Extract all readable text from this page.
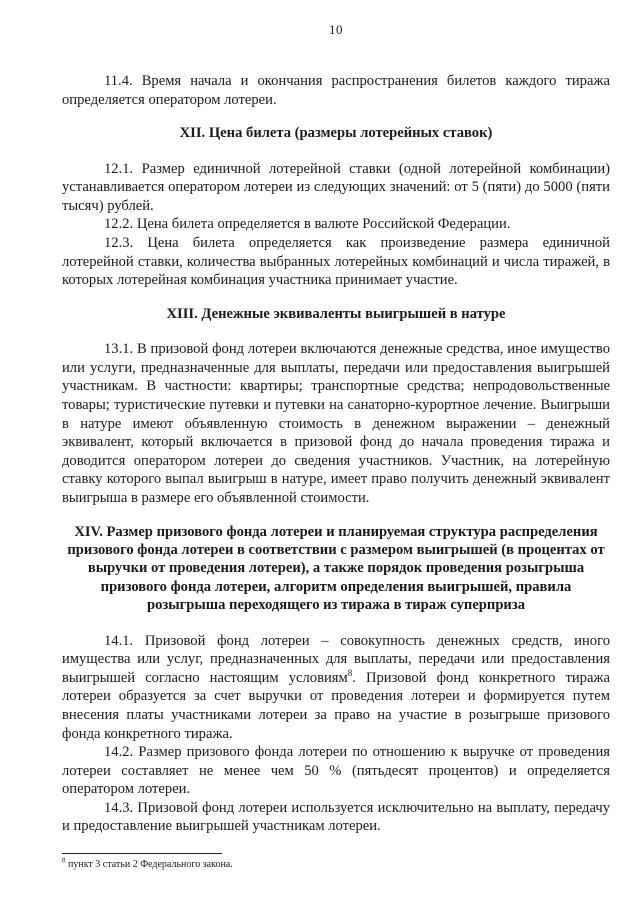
10

11.4. Время начала и окончания распространения билетов каждого тиража определяется оператором лотереи.

XII. Цена билета (размеры лотерейных ставок)

12.1. Размер единичной лотерейной ставки (одной лотерейной комбинации) устанавливается оператором лотереи из следующих значений: от 5 (пяти) до 5000 (пяти тысяч) рублей.

12.2. Цена билета определяется в валюте Российской Федерации.

12.3. Цена билета определяется как произведение размера единичной лотерейной ставки, количества выбранных лотерейных комбинаций и числа тиражей, в которых лотерейная комбинация участника принимает участие.

XIII. Денежные эквиваленты выигрышей в натуре

13.1. В призовой фонд лотереи включаются денежные средства, иное имущество или услуги, предназначенные для выплаты, передачи или предоставления выигрышей участникам. В частности: квартиры; транспортные средства; непродовольственные товары; туристические путевки и путевки на санаторно-курортное лечение. Выигрыши в натуре имеют объявленную стоимость в денежном выражении – денежный эквивалент, который включается в призовой фонд до начала проведения тиража и доводится оператором лотереи до сведения участников. Участник, на лотерейную ставку которого выпал выигрыш в натуре, имеет право получить денежный эквивалент выигрыша в размере его объявленной стоимости.

XIV. Размер призового фонда лотереи и планируемая структура распределения призового фонда лотереи в соответствии с размером выигрышей (в процентах от выручки от проведения лотереи), а также порядок проведения розыгрыша призового фонда лотереи, алгоритм определения выигрышей, правила розыгрыша переходящего из тиража в тираж суперприза

14.1. Призовой фонд лотереи – совокупность денежных средств, иного имущества или услуг, предназначенных для выплаты, передачи или предоставления выигрышей согласно настоящим условиям$^8$. Призовой фонд конкретного тиража лотереи образуется за счет выручки от проведения лотереи и формируется путем внесения платы участниками лотереи за право на участие в розыгрыше призового фонда конкретного тиража.

14.2. Размер призового фонда лотереи по отношению к выручке от проведения лотереи составляет не менее чем 50 % (пятьдесят процентов) и определяется оператором лотереи.

14.3. Призовой фонд лотереи используется исключительно на выплату, передачу и предоставление выигрышей участникам лотереи.

$^8$ пункт 3 статьи 2 Федерального закона.
